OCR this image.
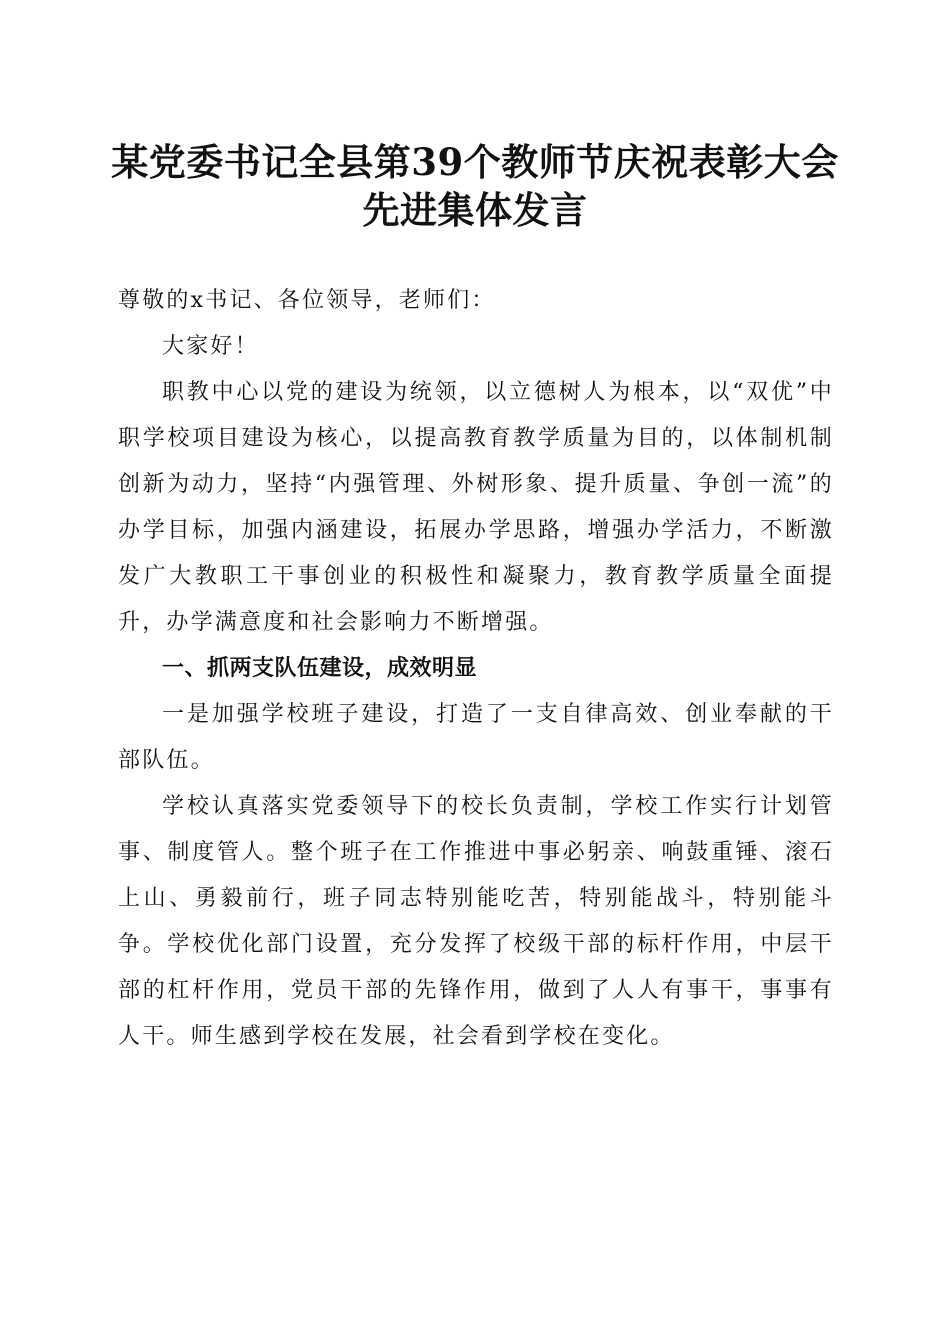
某党委书记全县第39个教师节庆祝表彰大会
先进集体发言

尊敬的x书记、各位领导，老师们：

大家好！

职教中心以党的建设为统领，以立德树人为根本，以“双优”中职学校项目建设为核心，以提高教育教学质量为目的，以体制机制创新为动力，坚持“内强管理、外树形象、提升质量、争创一流”的办学目标，加强内涵建设，拓展办学思路，增强办学活力，不断激发广大教职工干事创业的积极性和凝聚力，教育教学质量全面提升，办学满意度和社会影响力不断增强。

一、抓两支队伍建设，成效明显

一是加强学校班子建设，打造了一支自律高效、创业奉献的干部队伍。

学校认真落实党委领导下的校长负责制，学校工作实行计划管事、制度管人。整个班子在工作推进中事必躬亲、响鼓重锤、滚石上山、勇毅前行，班子同志特别能吃苦，特别能战斗，特别能斗争。学校优化部门设置，充分发挥了校级干部的标杆作用，中层干部的杠杆作用，党员干部的先锋作用，做到了人人有事干，事事有人干。师生感到学校在发展，社会看到学校在变化。
